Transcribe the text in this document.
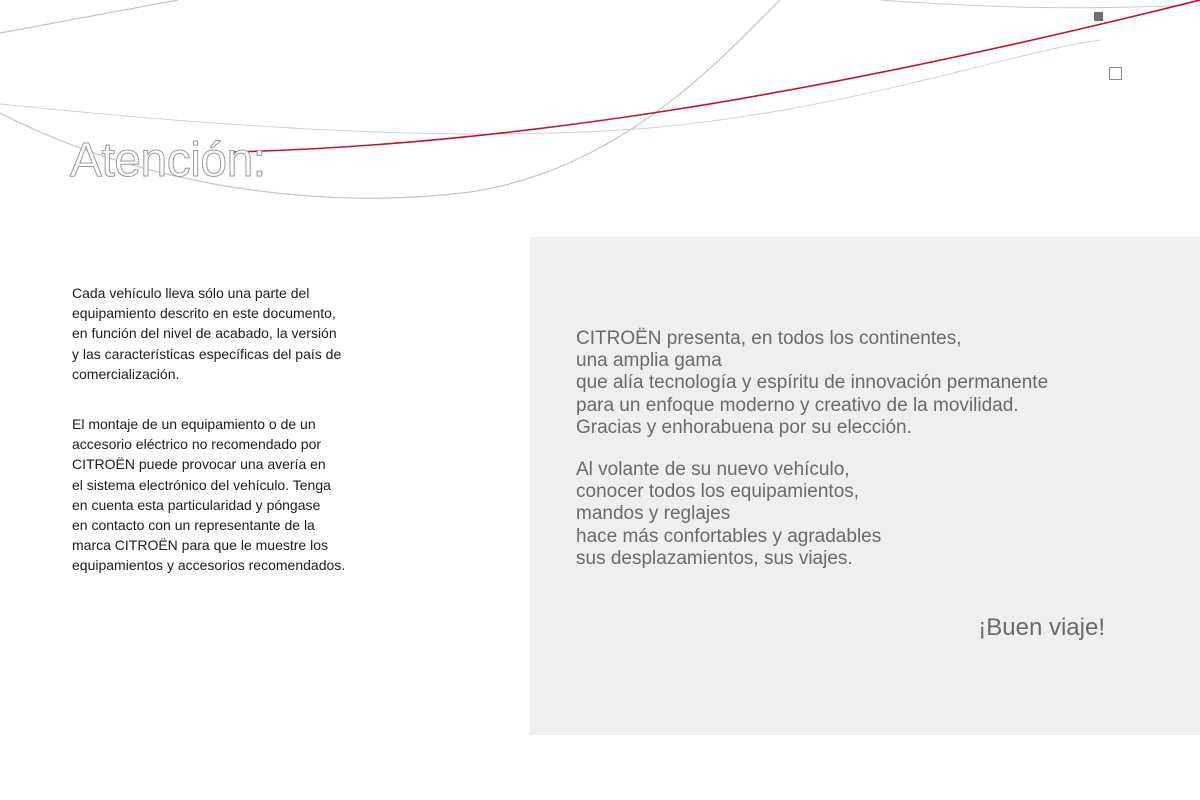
Atención:

Cada vehículo lleva sólo una parte del
equipamiento descrito en este documento,
en función del nivel de acabado, la versión
y las características específicas del país de
comercialización.

El montaje de un equipamiento o de un
accesorio eléctrico no recomendado por
CITROËN puede provocar una avería en
el sistema electrónico del vehículo. Tenga
en cuenta esta particularidad y póngase
en contacto con un representante de la
marca CITROËN para que le muestre los
equipamientos y accesorios recomendados.

CITROËN presenta, en todos los continentes,
una amplia gama
que alía tecnología y espíritu de innovación permanente
para un enfoque moderno y creativo de la movilidad.
Gracias y enhorabuena por su elección.

Al volante de su nuevo vehículo,
conocer todos los equipamientos,
mandos y reglajes
hace más confortables y agradables
sus desplazamientos, sus viajes.

¡Buen viaje!
